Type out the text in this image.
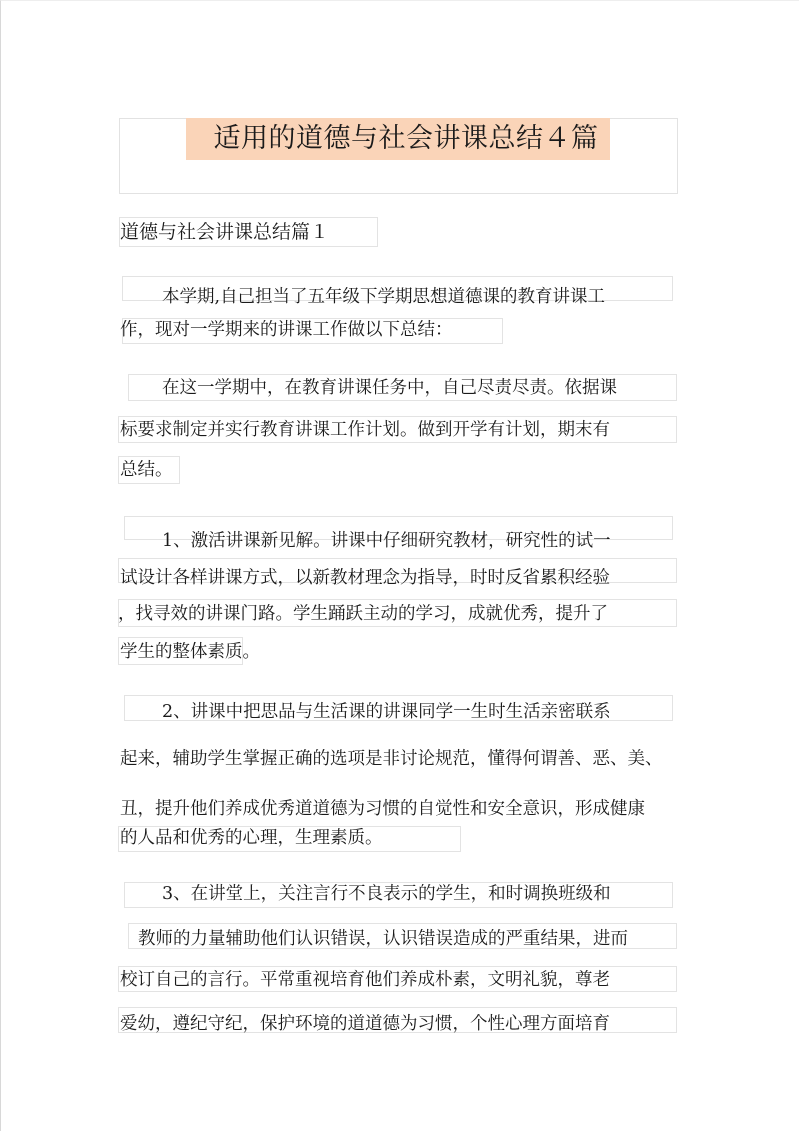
适用的道德与社会讲课总结４篇
道德与社会讲课总结篇１
本学期,自己担当了五年级下学期思想道德课的教育讲课工
作，现对一学期来的讲课工作做以下总结：
在这一学期中，在教育讲课任务中，自己尽责尽责。依据课
标要求制定并实行教育讲课工作计划。做到开学有计划，期末有
总结。
1、激活讲课新见解。讲课中仔细研究教材，研究性的试一
试设计各样讲课方式，以新教材理念为指导，时时反省累积经验
，找寻效的讲课门路。学生踊跃主动的学习，成就优秀，提升了
学生的整体素质。
2、讲课中把思品与生活课的讲课同学一生时生活亲密联系
起来，辅助学生掌握正确的选项是非讨论规范，懂得何谓善、恶、美、
丑，提升他们养成优秀道道德为习惯的自觉性和安全意识，形成健康
的人品和优秀的心理，生理素质。
3、在讲堂上，关注言行不良表示的学生，和时调换班级和
教师的力量辅助他们认识错误，认识错误造成的严重结果，进而
校订自己的言行。平常重视培育他们养成朴素，文明礼貌，尊老
爱幼，遵纪守纪，保护环境的道道德为习惯，个性心理方面培育
